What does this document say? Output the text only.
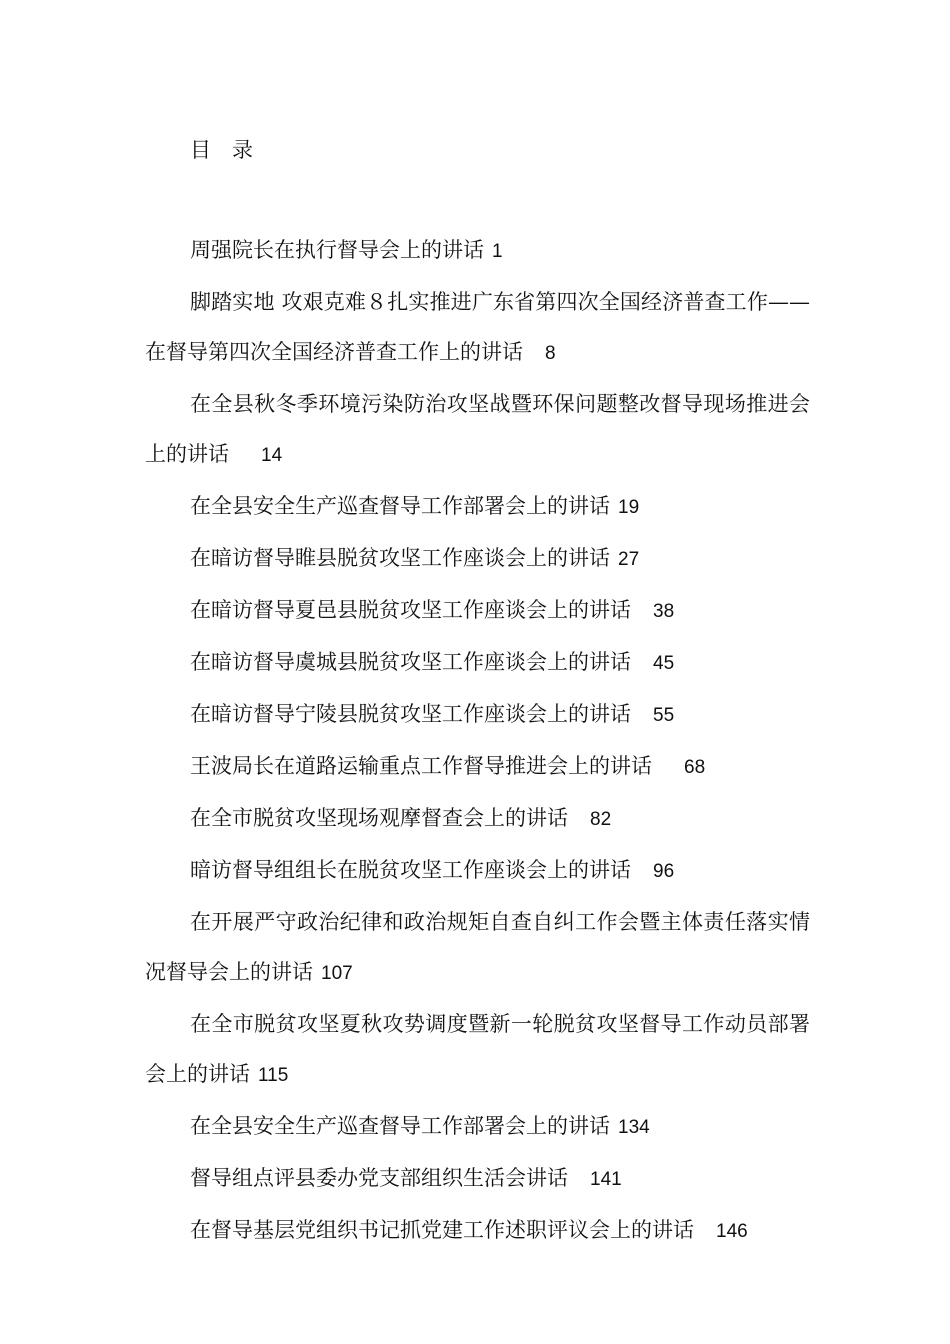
目　录
周强院长在执行督导会上的讲话 1
脚踏实地 攻艰克难８扎实推进广东省第四次全国经济普查工作——在督导第四次全国经济普查工作上的讲话 8
在全县秋冬季环境污染防治攻坚战暨环保问题整改督导现场推进会上的讲话 14
在全县安全生产巡查督导工作部署会上的讲话 19
在暗访督导睢县脱贫攻坚工作座谈会上的讲话 27
在暗访督导夏邑县脱贫攻坚工作座谈会上的讲话 38
在暗访督导虞城县脱贫攻坚工作座谈会上的讲话 45
在暗访督导宁陵县脱贫攻坚工作座谈会上的讲话 55
王波局长在道路运输重点工作督导推进会上的讲话 68
在全市脱贫攻坚现场观摩督查会上的讲话 82
暗访督导组组长在脱贫攻坚工作座谈会上的讲话 96
在开展严守政治纪律和政治规矩自查自纠工作会暨主体责任落实情况督导会上的讲话 107
在全市脱贫攻坚夏秋攻势调度暨新一轮脱贫攻坚督导工作动员部署会上的讲话 115
在全县安全生产巡查督导工作部署会上的讲话 134
督导组点评县委办党支部组织生活会讲话 141
在督导基层党组织书记抓党建工作述职评议会上的讲话 146
